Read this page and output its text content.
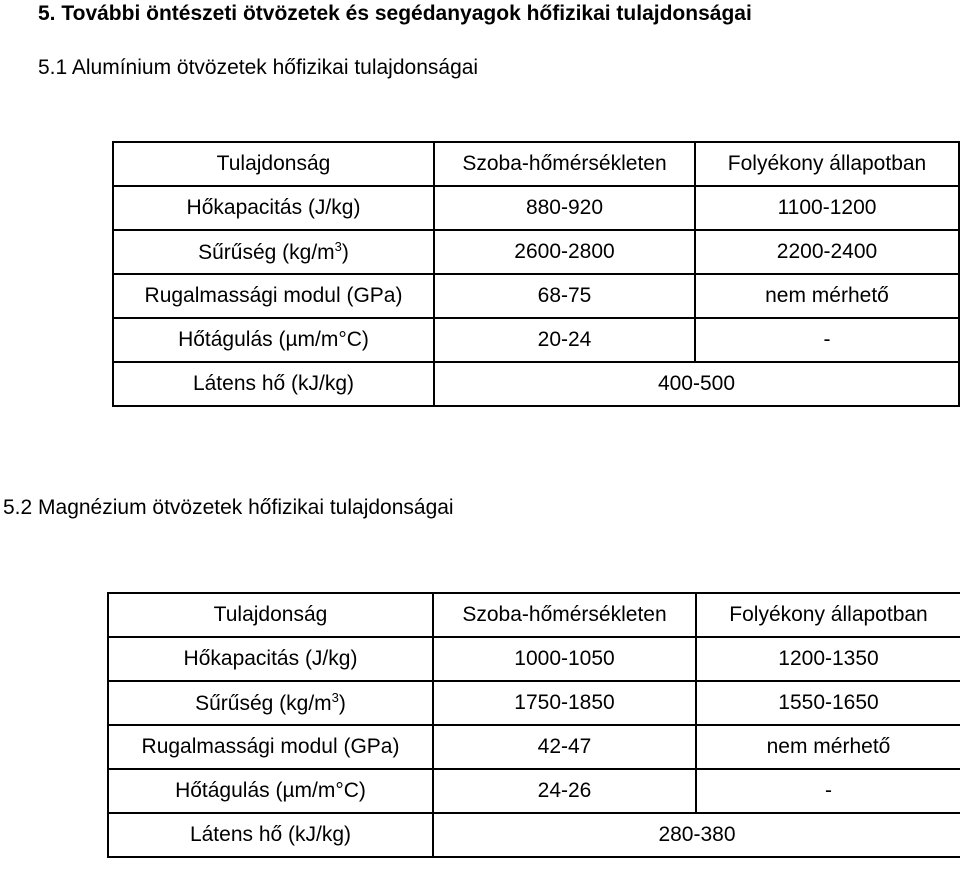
5. További öntészeti ötvözetek és segédanyagok hőfizikai tulajdonságai
5.1 Alumínium ötvözetek hőfizikai tulajdonságai
Tulajdonság	Szoba-hőmérsékleten	Folyékony állapotban
Hőkapacitás (J/kg)	880-920	1100-1200
Sűrűség $(kg/m^3)$	2600-2800	2200-2400
Rugalmassági modul (GPa)	68-75	nem mérhető
Hőtágulás (µm/m°C)	20-24	-
Látens hő (kJ/kg)	400-500	
5.2 Magnézium ötvözetek hőfizikai tulajdonságai
Tulajdonság	Szoba-hőmérsékleten	Folyékony állapotban
Hőkapacitás (J/kg)	1000-1050	1200-1350
Sűrűség $(kg/m^3)$	1750-1850	1550-1650
Rugalmassági modul (GPa)	42-47	nem mérhető
Hőtágulás (µm/m°C)	24-26	-
Látens hő (kJ/kg)	280-380	
